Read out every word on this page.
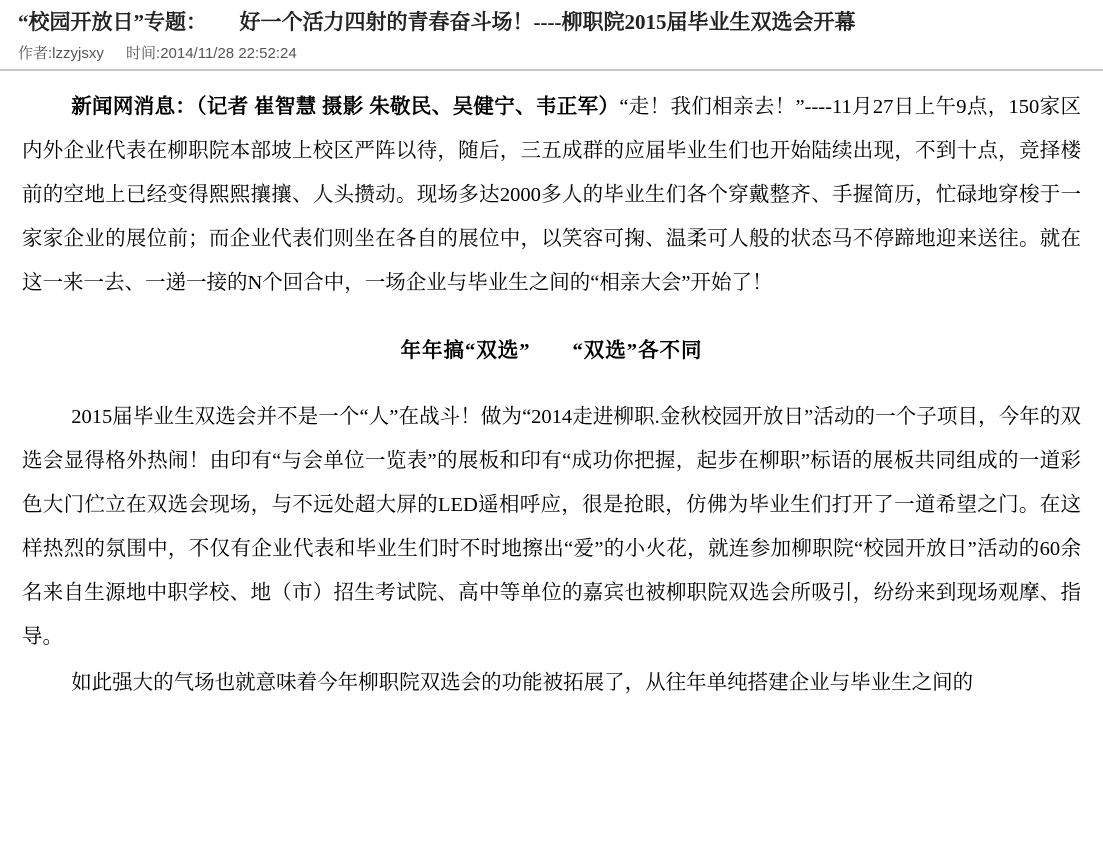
“校园开放日”专题： 好一个活力四射的青春奋斗场！----柳职院2015届毕业生双选会开幕
作者:lzzyjsxy 时间:2014/11/28 22:52:24

新闻网消息：（记者 崔智慧 摄影 朱敬民、吴健宁、韦正军）“走！我们相亲去！”----11月27日上午9点，150家区内外企业代表在柳职院本部坡上校区严阵以待，随后，三五成群的应届毕业生们也开始陆续出现，不到十点，竞择楼前的空地上已经变得熙熙攘攘、人头攒动。现场多达2000多人的毕业生们各个穿戴整齐、手握简历，忙碌地穿梭于一家家企业的展位前；而企业代表们则坐在各自的展位中，以笑容可掬、温柔可人般的状态马不停蹄地迎来送往。就在这一来一去、一递一接的N个回合中，一场企业与毕业生之间的“相亲大会”开始了！

年年搞“双选” “双选”各不同

2015届毕业生双选会并不是一个“人”在战斗！做为“2014走进柳职.金秋校园开放日”活动的一个子项目，今年的双选会显得格外热闹！由印有“与会单位一览表”的展板和印有“成功你把握，起步在柳职”标语的展板共同组成的一道彩色大门伫立在双选会现场，与不远处超大屏的LED遥相呼应，很是抢眼，仿佛为毕业生们打开了一道希望之门。在这样热烈的氛围中，不仅有企业代表和毕业生们时不时地擦出“爱”的小火花，就连参加柳职院“校园开放日”活动的60余名来自生源地中职学校、地（市）招生考试院、高中等单位的嘉宾也被柳职院双选会所吸引，纷纷来到现场观摩、指导。

如此强大的气场也就意味着今年柳职院双选会的功能被拓展了，从往年单纯搭建企业与毕业生之间的
